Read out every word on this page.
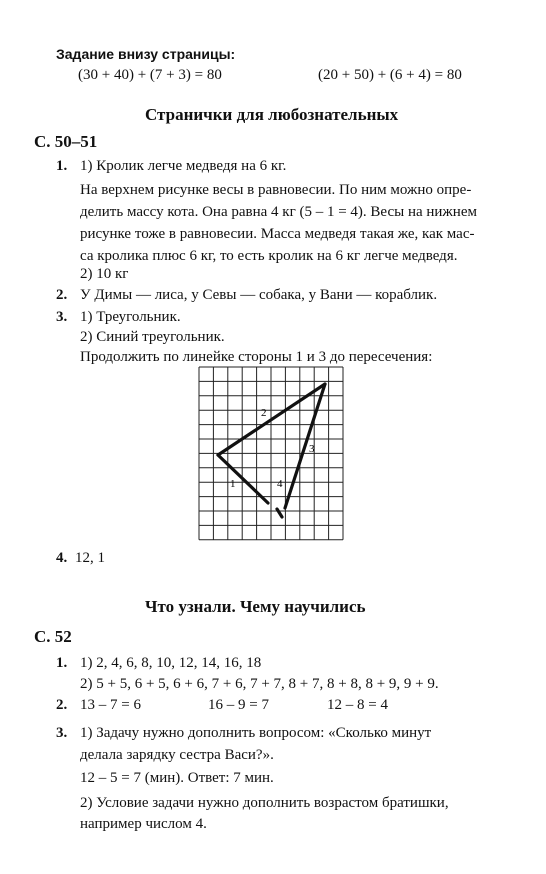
Задание внизу страницы:
(30 + 40) + (7 + 3) = 80	(20 + 50) + (6 + 4) = 80
Странички для любознательных
С. 50–51
1. 1) Кролик легче медведя на 6 кг.
На верхнем рисунке весы в равновесии. По ним можно опре-
делить массу кота. Она равна 4 кг (5 – 1 = 4). Весы на нижнем
рисунке тоже в равновесии. Масса медведя такая же, как мас-
са кролика плюс 6 кг, то есть кролик на 6 кг легче медведя.
2) 10 кг
2. У Димы — лиса, у Севы — собака, у Вани — кораблик.
3. 1) Треугольник.
2) Синий треугольник.
Продолжить по линейке стороны 1 и 3 до пересечения:
1
2
3
4
4. 12, 1
Что узнали. Чему научились
С. 52
1. 1) 2, 4, 6, 8, 10, 12, 14, 16, 18
2) 5 + 5, 6 + 5, 6 + 6, 7 + 6, 7 + 7, 8 + 7, 8 + 8, 8 + 9, 9 + 9.
2. 13 – 7 = 6	16 – 9 = 7	12 – 8 = 4
3. 1) Задачу нужно дополнить вопросом: «Сколько минут
делала зарядку сестра Васи?».
12 – 5 = 7 (мин). Ответ: 7 мин.
2) Условие задачи нужно дополнить возрастом братишки,
например числом 4.
